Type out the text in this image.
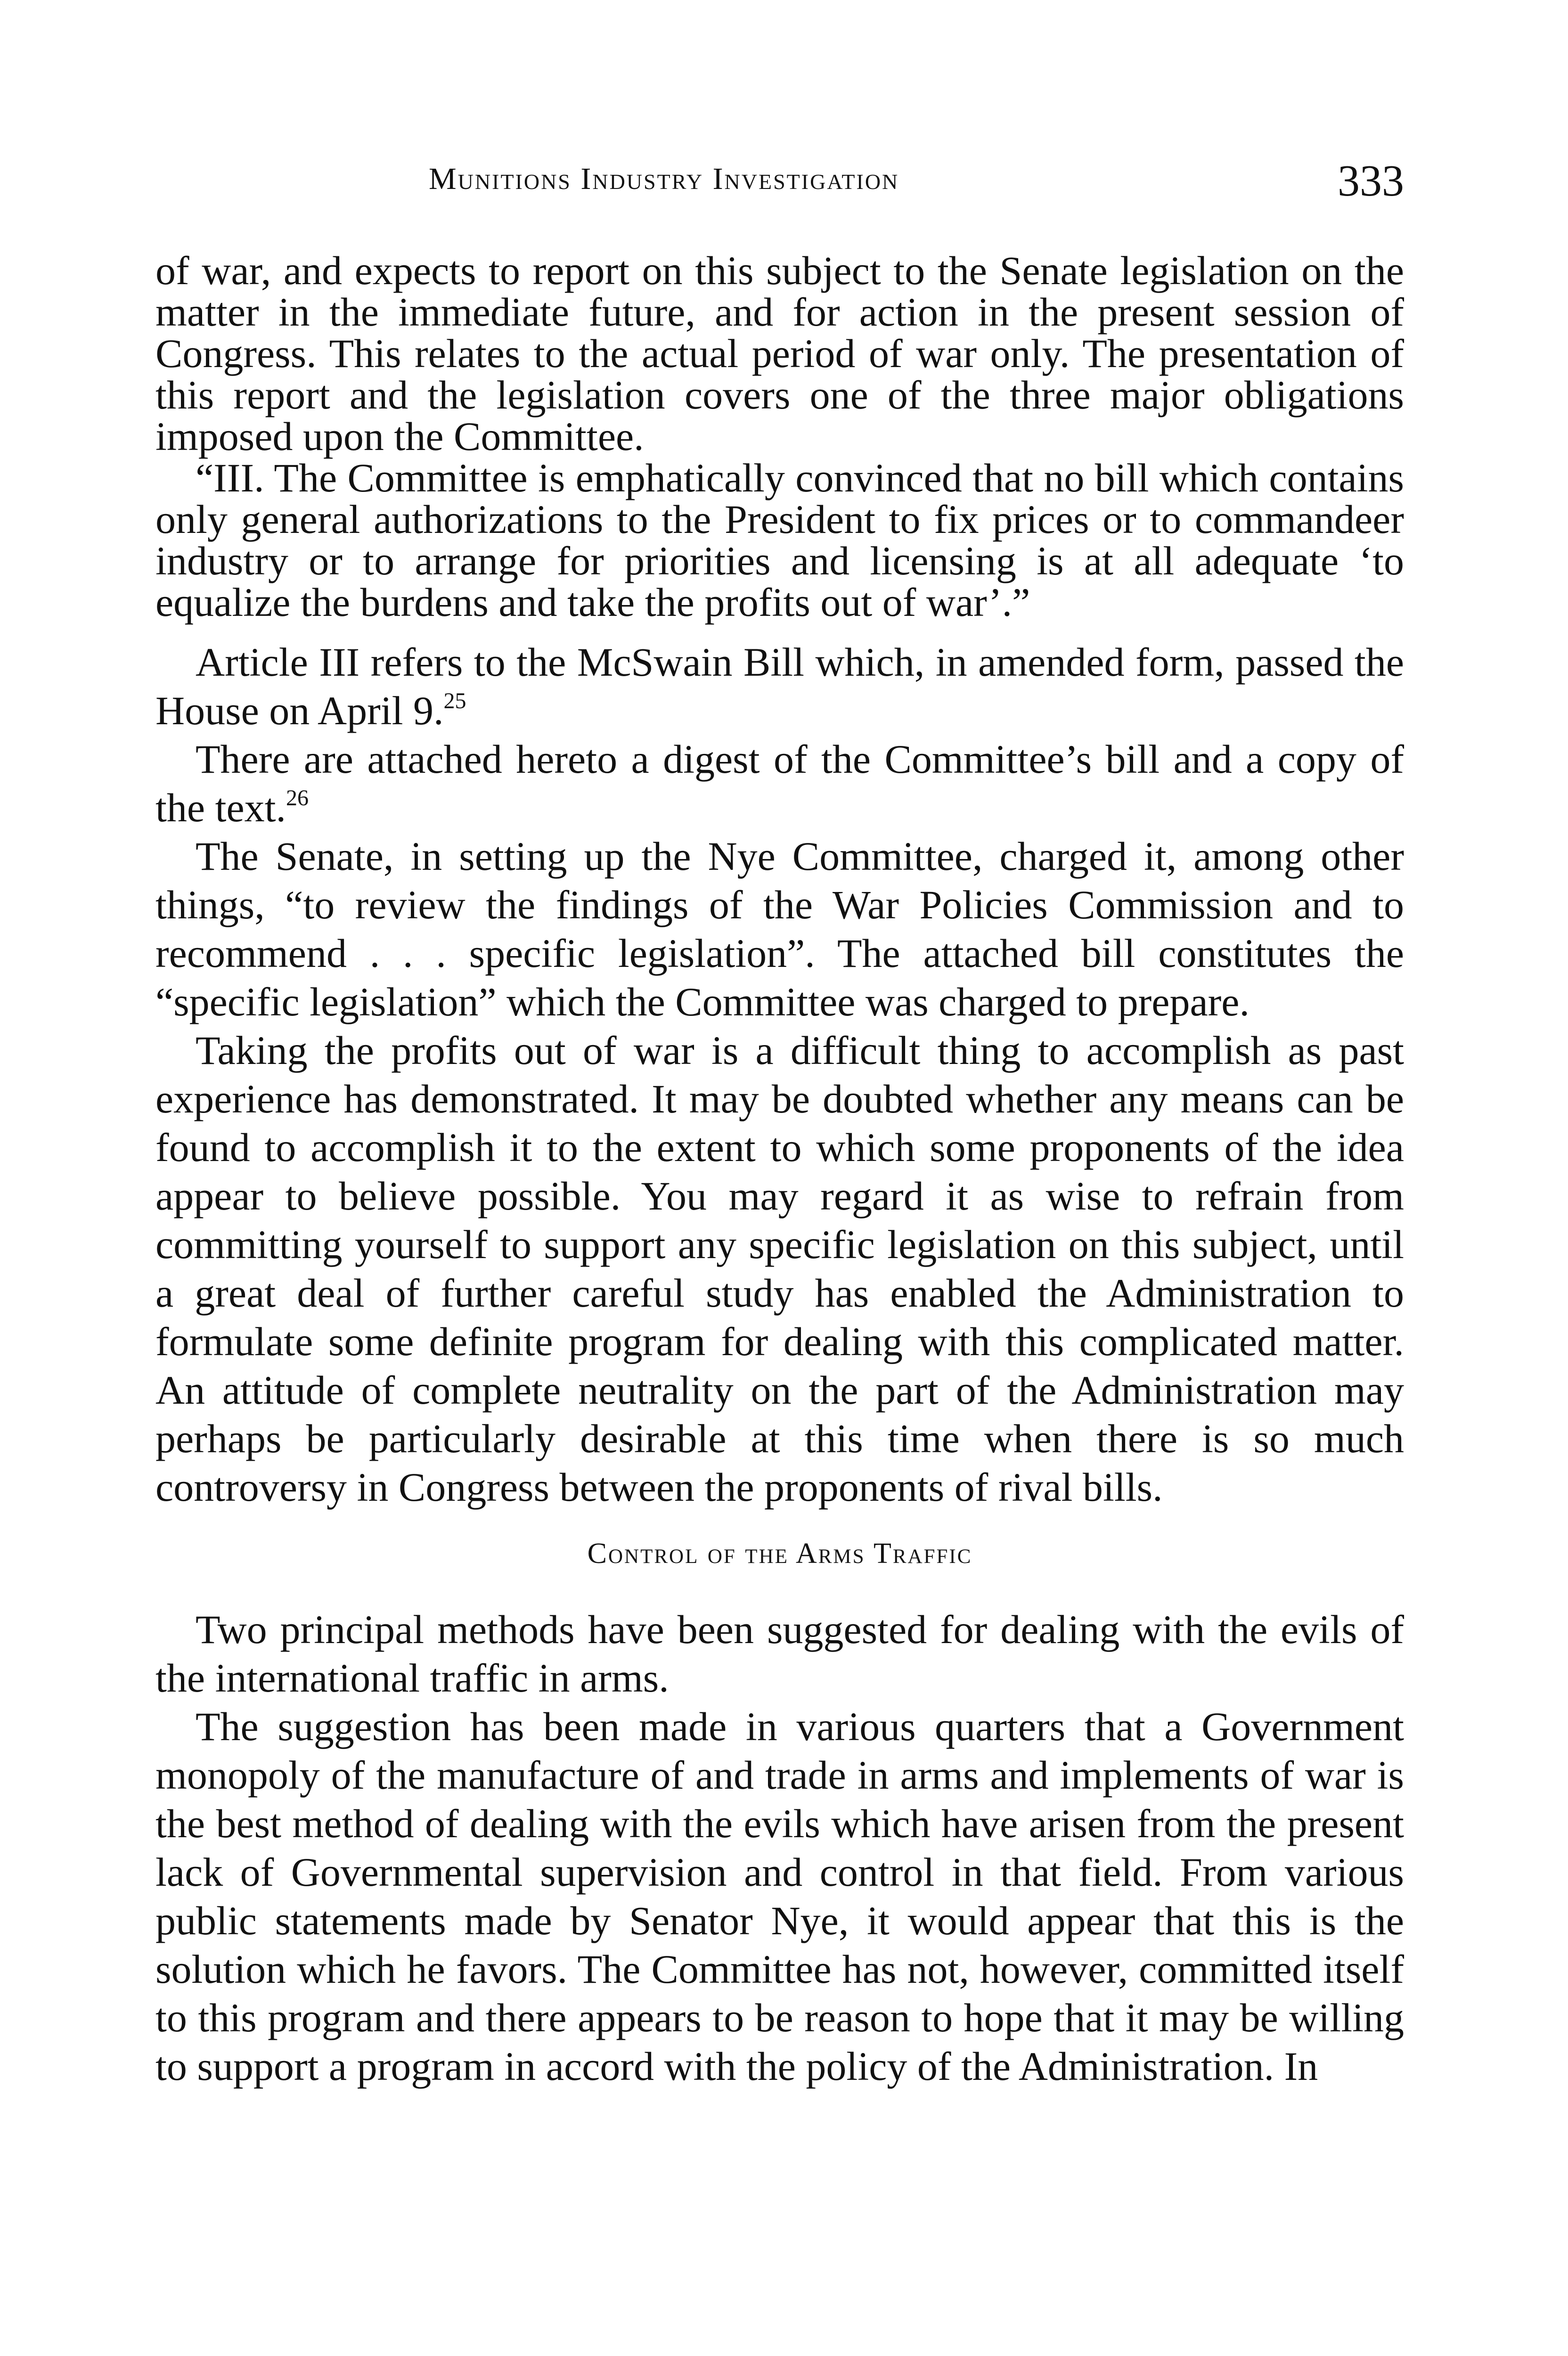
Munitions Industry Investigation	333

of war, and expects to report on this subject to the Senate legislation on the matter in the immediate future, and for action in the present session of Congress. This relates to the actual period of war only. The presentation of this report and the legislation covers one of the three major obligations imposed upon the Committee.

“III. The Committee is emphatically convinced that no bill which contains only general authorizations to the President to fix prices or to commandeer industry or to arrange for priorities and licensing is at all adequate ‘to equalize the burdens and take the profits out of war’.”

Article III refers to the McSwain Bill which, in amended form, passed the House on April 9.25

There are attached hereto a digest of the Committee’s bill and a copy of the text.$^{26}$

The Senate, in setting up the Nye Committee, charged it, among other things, “to review the findings of the War Policies Commission and to recommend . . . specific legislation”. The attached bill constitutes the “specific legislation” which the Committee was charged to prepare.

Taking the profits out of war is a difficult thing to accomplish as past experience has demonstrated. It may be doubted whether any means can be found to accomplish it to the extent to which some proponents of the idea appear to believe possible. You may regard it as wise to refrain from committing yourself to support any specific legislation on this subject, until a great deal of further careful study has enabled the Administration to formulate some definite program for dealing with this complicated matter. An attitude of complete neutrality on the part of the Administration may perhaps be particularly desirable at this time when there is so much controversy in Congress between the proponents of rival bills.

Control of the Arms Traffic

Two principal methods have been suggested for dealing with the evils of the international traffic in arms.

The suggestion has been made in various quarters that a Government monopoly of the manufacture of and trade in arms and implements of war is the best method of dealing with the evils which have arisen from the present lack of Governmental supervision and control in that field. From various public statements made by Senator Nye, it would appear that this is the solution which he favors. The Committee has not, however, committed itself to this program and there appears to be reason to hope that it may be willing to support a program in accord with the policy of the Administration. In
